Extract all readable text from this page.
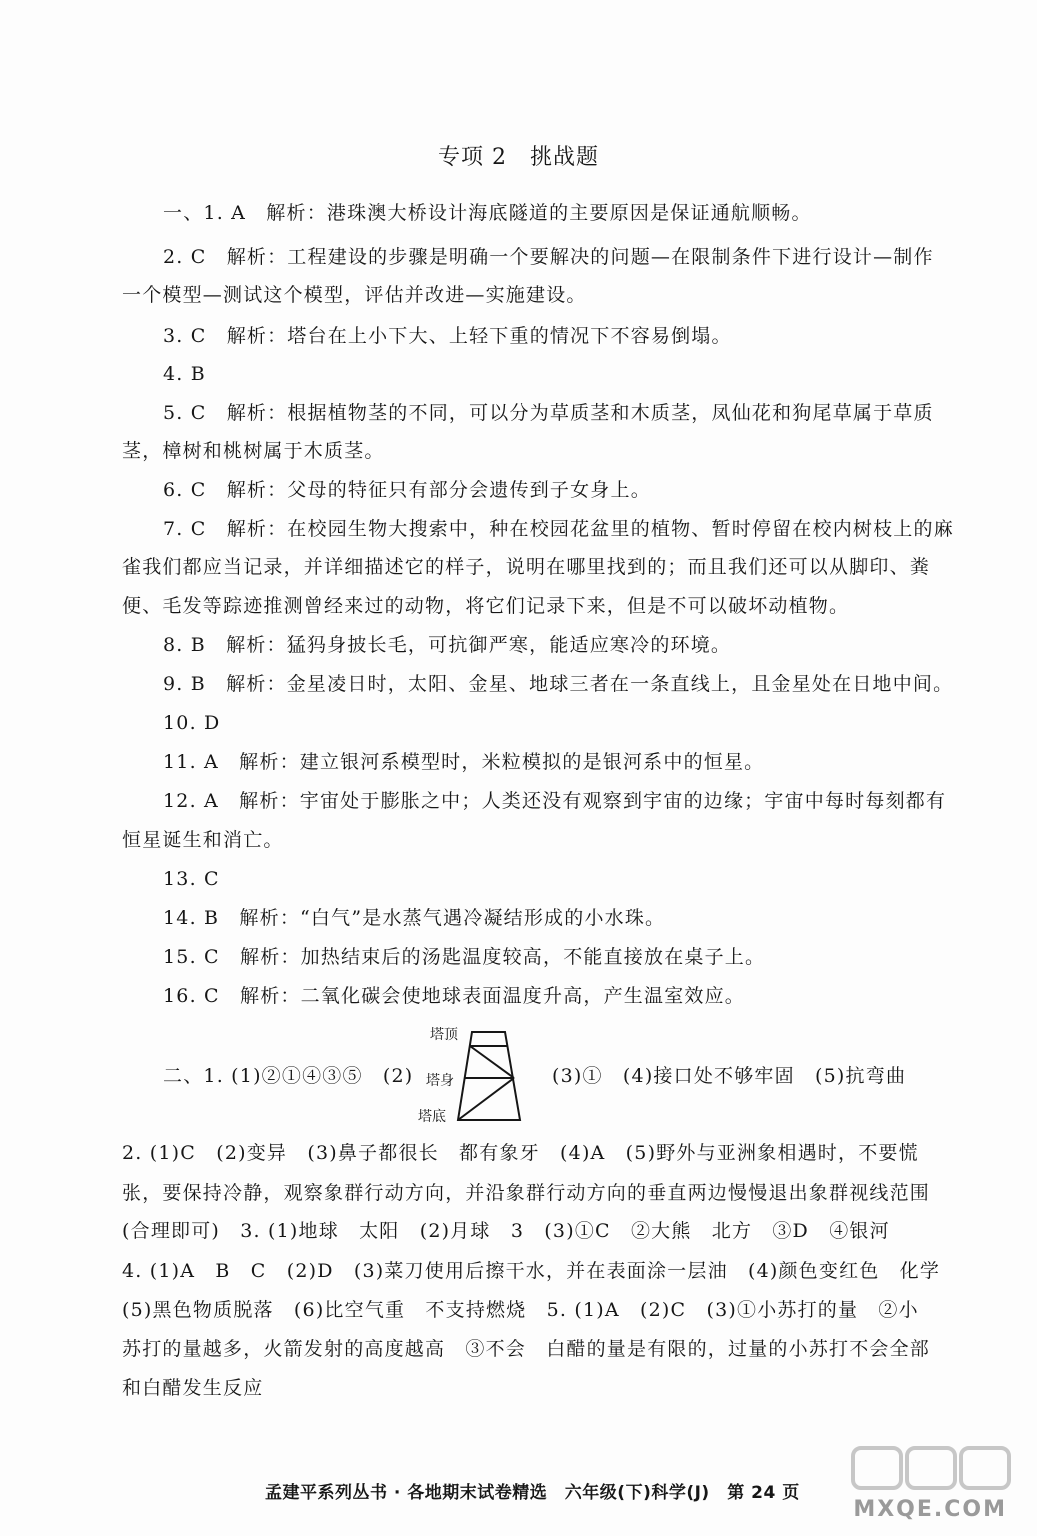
专项 2　挑战题
一、1. A　解析：港珠澳大桥设计海底隧道的主要原因是保证通航顺畅。
2. C　解析：工程建设的步骤是明确一个要解决的问题—在限制条件下进行设计—制作
一个模型—测试这个模型，评估并改进—实施建设。
3. C　解析：塔台在上小下大、上轻下重的情况下不容易倒塌。
4. B
5. C　解析：根据植物茎的不同，可以分为草质茎和木质茎，凤仙花和狗尾草属于草质
茎，樟树和桃树属于木质茎。
6. C　解析：父母的特征只有部分会遗传到子女身上。
7. C　解析：在校园生物大搜索中，种在校园花盆里的植物、暂时停留在校内树枝上的麻
雀我们都应当记录，并详细描述它的样子，说明在哪里找到的；而且我们还可以从脚印、粪
便、毛发等踪迹推测曾经来过的动物，将它们记录下来，但是不可以破坏动植物。
8. B　解析：猛犸身披长毛，可抗御严寒，能适应寒冷的环境。
9. B　解析：金星凌日时，太阳、金星、地球三者在一条直线上，且金星处在日地中间。
10. D
11. A　解析：建立银河系模型时，米粒模拟的是银河系中的恒星。
12. A　解析：宇宙处于膨胀之中；人类还没有观察到宇宙的边缘；宇宙中每时每刻都有
恒星诞生和消亡。
13. C
14. B　解析：“白气”是水蒸气遇冷凝结形成的小水珠。
15. C　解析：加热结束后的汤匙温度较高，不能直接放在桌子上。
16. C　解析：二氧化碳会使地球表面温度升高，产生温室效应。
二、1. (1)②①④③⑤　(2)
塔顶
塔身
塔底
(3)①　(4)接口处不够牢固　(5)抗弯曲
2. (1)C　(2)变异　(3)鼻子都很长　都有象牙　(4)A　(5)野外与亚洲象相遇时，不要慌
张，要保持冷静，观察象群行动方向，并沿象群行动方向的垂直两边慢慢退出象群视线范围
(合理即可)　3. (1)地球　太阳　(2)月球　3　(3)①C　②大熊　北方　③D　④银河
4. (1)A　B　C　(2)D　(3)菜刀使用后擦干水，并在表面涂一层油　(4)颜色变红色　化学
(5)黑色物质脱落　(6)比空气重　不支持燃烧　5. (1)A　(2)C　(3)①小苏打的量　②小
苏打的量越多，火箭发射的高度越高　③不会　白醋的量是有限的，过量的小苏打不会全部
和白醋发生反应
孟建平系列丛书 · 各地期末试卷精选　六年级(下)科学(J)　第 24 页
MXQE.COM
